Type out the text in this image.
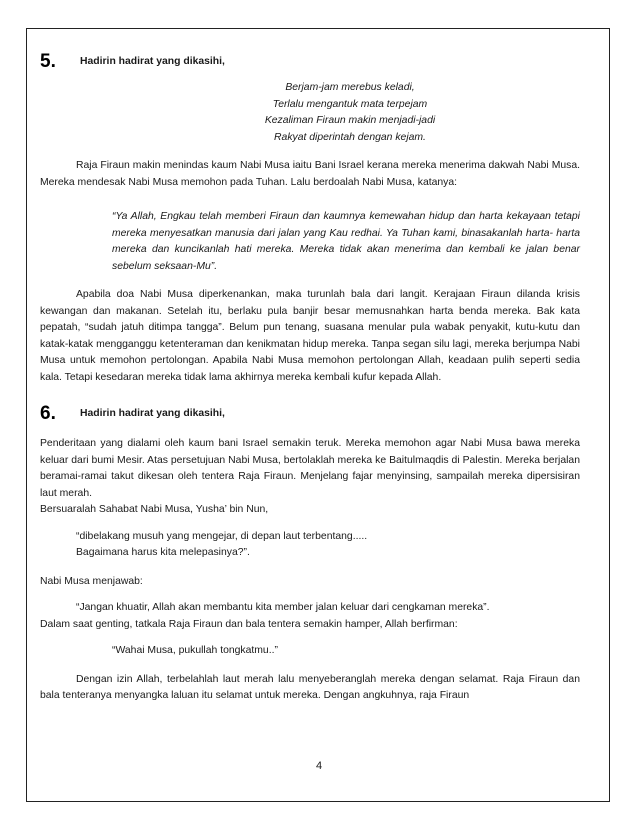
5.	Hadirin hadirat yang dikasihi,

Berjam-jam merebus keladi,

Terlalu mengantuk mata terpejam

Kezaliman Firaun makin menjadi-jadi

Rakyat diperintah dengan kejam.

Raja Firaun makin menindas kaum Nabi Musa iaitu Bani Israel kerana mereka menerima dakwah Nabi Musa. Mereka mendesak Nabi Musa memohon pada Tuhan. Lalu berdoalah Nabi Musa, katanya:

“Ya Allah, Engkau telah memberi Firaun dan kaumnya kemewahan hidup dan harta kekayaan tetapi mereka menyesatkan manusia dari jalan yang Kau redhai. Ya Tuhan kami, binasakanlah harta- harta mereka dan kuncikanlah hati mereka. Mereka tidak akan menerima dan kembali ke jalan benar sebelum seksaan-Mu”.

Apabila doa Nabi Musa diperkenankan, maka turunlah bala dari langit. Kerajaan Firaun dilanda krisis kewangan dan makanan. Setelah itu, berlaku pula banjir besar memusnahkan harta benda mereka. Bak kata pepatah, “sudah jatuh ditimpa tangga”. Belum pun tenang, suasana menular pula wabak penyakit, kutu-kutu dan katak-katak mengganggu ketenteraman dan kenikmatan hidup mereka. Tanpa segan silu lagi, mereka berjumpa Nabi Musa untuk memohon pertolongan. Apabila Nabi Musa memohon pertolongan Allah, keadaan pulih seperti sedia kala. Tetapi kesedaran mereka tidak lama akhirnya mereka kembali kufur kepada Allah.

6.	Hadirin hadirat yang dikasihi,

Penderitaan yang dialami oleh kaum bani Israel semakin teruk. Mereka memohon agar Nabi Musa bawa mereka keluar dari bumi Mesir. Atas persetujuan Nabi Musa, bertolaklah mereka ke Baitulmaqdis di Palestin. Mereka berjalan beramai-ramai takut dikesan oleh tentera Raja Firaun. Menjelang fajar menyinsing, sampailah mereka dipersisiran laut merah.

Bersuaralah Sahabat Nabi Musa, Yusha’ bin Nun,

“dibelakang musuh yang mengejar, di depan laut terbentang.....

Bagaimana harus kita melepasinya?”.

Nabi Musa menjawab:

“Jangan khuatir, Allah akan membantu kita member jalan keluar dari cengkaman mereka”.

Dalam saat genting, tatkala Raja Firaun dan bala tentera semakin hamper, Allah berfirman:

“Wahai Musa, pukullah tongkatmu..”

Dengan izin Allah, terbelahlah laut merah lalu menyeberanglah mereka dengan selamat. Raja Firaun dan bala tenteranya menyangka laluan itu selamat untuk mereka. Dengan angkuhnya, raja Firaun

4
